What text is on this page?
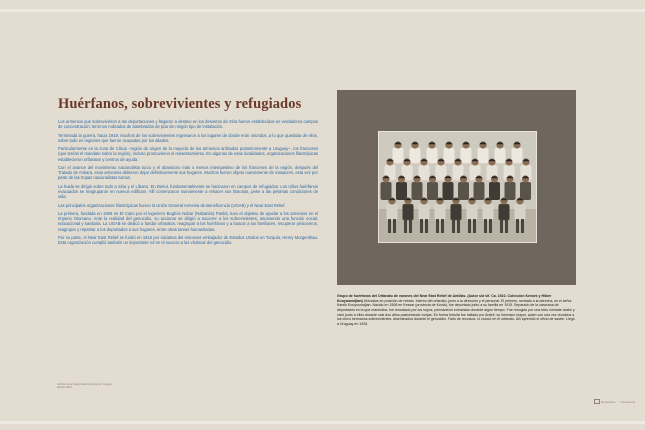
Huérfanos, sobrevivientes y refugiados

Los armenios que sobrevivieron a las deportaciones y llegaron a destino en los desiertos de Siria fueron establecidos en verdaderos campos de concentración: terrenos rodeados de alambrados de púa sin ningún tipo de instalación.

Terminada la guerra, hacia 1918, muchos de los sobrevivientes regresaron a los lugares de donde eran oriundos, a lo que quedaba de ellos, sobre todo en regiones que fueron ocupadas por los aliados.

Particularmente en la zona de Cilicia –región de origen de la mayoría de los armenios arribados posteriormente a Uruguay–, los franceses (que tenían el mandato sobre la región), incluso promovieron el reasentamiento. En algunas de esas localidades, organizaciones filantrópicas establecieron orfanatos y centros de ayuda.

Con el avance del movimiento nacionalista turco y el abandono más o menos intempestivo de los franceses de la región, después del Tratado de Ankara, esos armenios debieron dejar definitivamente sus hogares. Muchos fueron objeto nuevamente de masacres, esta vez por parte de las tropas nacionalistas turcas.

La huida se dirigió sobre todo a Siria y el Líbano. En Beirut, fundamentalmente se hacinaron en campos de refugiados. Los niños huérfanos evacuados se reagruparon en nuevos edificios. Allí comenzaron nuevamente a rehacer sus historias, pese a las pésimas condiciones de vida.

Las principales organizaciones filantrópicas fueron la Unión General Armenia de Beneficencia (UGAB) y el Near East Relief.

La primera, fundada en 1906 en El Cairo por el ingeniero Boghós Nubar (Nabarián) Pashá, tuvo el objetivo de ayudar a los armenios en el Imperio Otomano. Ante la realidad del genocidio, su accionar se dirigió a socorrer a los sobrevivientes, asumiendo una función social, educacional y sanitaria. La UGAB se dedicó a fundar orfanatos, reagrupar a los huérfanos y a buscar a los familiares, recuperar prisioneros, reagrupar y repatriar a los deportados a sus hogares, entre otras tareas humanitarias.

Por su parte, el Near East Relief se fundó en 1915 por iniciativa del entonces embajador de Estados Unidos en Turquía, Henry Morgenthau. Esta organización cumplió también un importante rol en el socorro a las víctimas del genocidio.

Grupo de huérfanos del Orfanato de varones del Near East Relief de Antilías. (Autor s/d s/f. Ca. 1922. Colección Kevork y Hilker Kouyoumdjian) Ubicados en posición de retrato. Interno del orfanato, junto a la dirección y el personal. El primero, sentado a la derecha, es el señor Kareik Kouyoumdjian. Nacido en 1908 en Kessar (provincia de Konia), fue deportado junto a su familia en 1915. Separado de la caravana de deportados en la que marchaba, fue rescatado por los suyos, permaneció extraviado durante algún tiempo. Fue recogido por una tribu nómade árabe y vivió junto a ellos durante casi dos años pastoreando ovejas. En forma fortuita fue hallado por André, su hermano mayor, quien con una vez reunidos a los cinco hermanos sobrevivientes, diseminados durante el genocidio. Falto de recursos, lo colocó en el orfanato. Allí aprendió el oficio de sastre. Llegó a Uruguay en 1928.
Archivo de la Colectividad Armenia del Uruguay Edición 2015
Montevideo Intendencia
